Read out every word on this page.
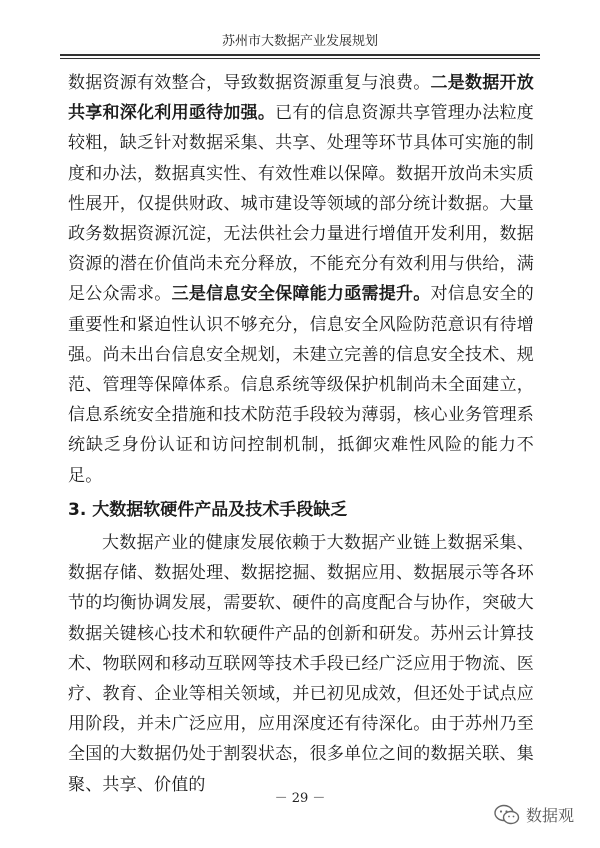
苏州市大数据产业发展规划

数据资源有效整合，导致数据资源重复与浪费。二是数据开放共享和深化利用亟待加强。已有的信息资源共享管理办法粒度较粗，缺乏针对数据采集、共享、处理等环节具体可实施的制度和办法，数据真实性、有效性难以保障。数据开放尚未实质性展开，仅提供财政、城市建设等领域的部分统计数据。大量政务数据资源沉淀，无法供社会力量进行增值开发利用，数据资源的潜在价值尚未充分释放，不能充分有效利用与供给，满足公众需求。三是信息安全保障能力亟需提升。对信息安全的重要性和紧迫性认识不够充分，信息安全风险防范意识有待增强。尚未出台信息安全规划，未建立完善的信息安全技术、规范、管理等保障体系。信息系统等级保护机制尚未全面建立，信息系统安全措施和技术防范手段较为薄弱，核心业务管理系统缺乏身份认证和访问控制机制，抵御灾难性风险的能力不足。

3. 大数据软硬件产品及技术手段缺乏

大数据产业的健康发展依赖于大数据产业链上数据采集、数据存储、数据处理、数据挖掘、数据应用、数据展示等各环节的均衡协调发展，需要软、硬件的高度配合与协作，突破大数据关键核心技术和软硬件产品的创新和研发。苏州云计算技术、物联网和移动互联网等技术手段已经广泛应用于物流、医疗、教育、企业等相关领域，并已初见成效，但还处于试点应用阶段，并未广泛应用，应用深度还有待深化。由于苏州乃至全国的大数据仍处于割裂状态，很多单位之间的数据关联、集聚、共享、价值的

－ 29 －
数据观
